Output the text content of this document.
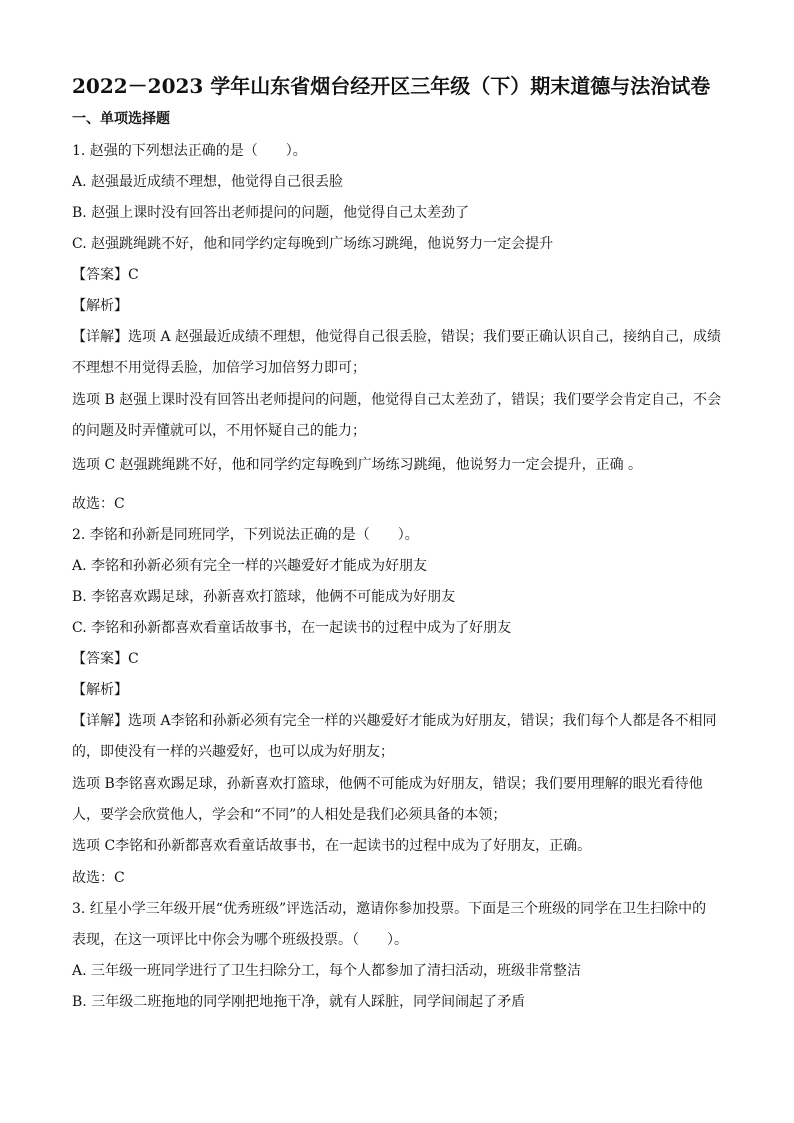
2022－2023 学年山东省烟台经开区三年级（下）期末道德与法治试卷
一、单项选择题
1. 赵强的下列想法正确的是（　　）。
A. 赵强最近成绩不理想，他觉得自己很丢脸
B. 赵强上课时没有回答出老师提问的问题，他觉得自己太差劲了
C. 赵强跳绳跳不好，他和同学约定每晚到广场练习跳绳，他说努力一定会提升
【答案】C
【解析】
【详解】选项 A 赵强最近成绩不理想，他觉得自己很丢脸，错误；我们要正确认识自己，接纳自己，成绩
不理想不用觉得丢脸，加倍学习加倍努力即可；
选项 B 赵强上课时没有回答出老师提问的问题，他觉得自己太差劲了，错误；我们要学会肯定自己，不会
的问题及时弄懂就可以，不用怀疑自己的能力；
选项 C 赵强跳绳跳不好，他和同学约定每晚到广场练习跳绳，他说努力一定会提升，正确 。
故选：C
2. 李铭和孙新是同班同学，下列说法正确的是（　　）。
A. 李铭和孙新必须有完全一样的兴趣爱好才能成为好朋友
B. 李铭喜欢踢足球，孙新喜欢打篮球，他俩不可能成为好朋友
C. 李铭和孙新都喜欢看童话故事书，在一起读书的过程中成为了好朋友
【答案】C
【解析】
【详解】选项 A李铭和孙新必须有完全一样的兴趣爱好才能成为好朋友，错误；我们每个人都是各不相同
的，即使没有一样的兴趣爱好，也可以成为好朋友；
选项 B李铭喜欢踢足球，孙新喜欢打篮球，他俩不可能成为好朋友，错误；我们要用理解的眼光看待他
人，要学会欣赏他人，学会和“不同”的人相处是我们必须具备的本领；
选项 C李铭和孙新都喜欢看童话故事书，在一起读书的过程中成为了好朋友，正确。
故选：C
3. 红星小学三年级开展“优秀班级”评选活动，邀请你参加投票。下面是三个班级的同学在卫生扫除中的
表现，在这一项评比中你会为哪个班级投票。（　　）。
A. 三年级一班同学进行了卫生扫除分工，每个人都参加了清扫活动，班级非常整洁
B. 三年级二班拖地的同学刚把地拖干净，就有人踩脏，同学间闹起了矛盾
